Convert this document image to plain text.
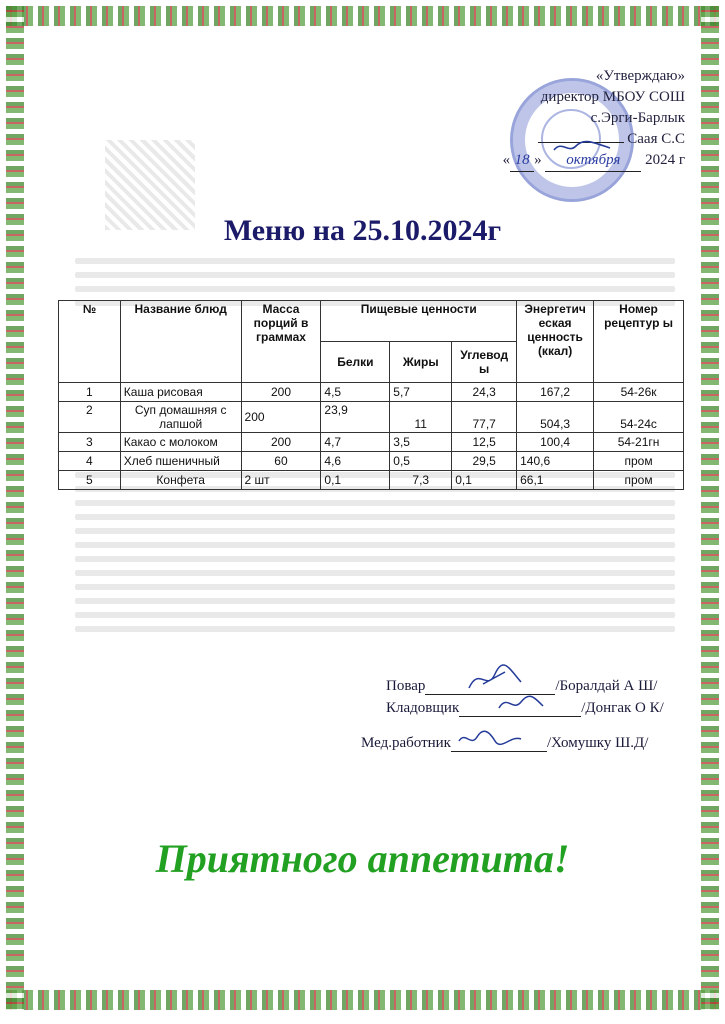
«Утверждаю»
директор МБОУ СОШ
с.Эрги-Барлык
Саая С.С
« 18 » октября 2024 г
Меню на 25.10.2024г
№	Название блюд	Масса порций в граммах	Пищевые ценности			Энергетич еская ценность (ккал)	Номер рецептур ы
			Белки	Жиры	Углевод ы		
1	Каша рисовая	200	4,5	5,7	24,3	167,2	54-26к
2	Суп домашняя с лапшой	200	23,9	11	77,7	504,3	54-24с
3	Какао с молоком	200	4,7	3,5	12,5	100,4	54-21гн
4	Хлеб пшеничный	60	4,6	0,5	29,5	140,6	пром
5	Конфета	2 шт	0,1	7,3	0,1	66,1	пром
Повар	/Боралдай А Ш/
Кладовщик	/Донгак О К/
Мед.работник	/Хомушку Ш.Д/
Приятного аппетита!
